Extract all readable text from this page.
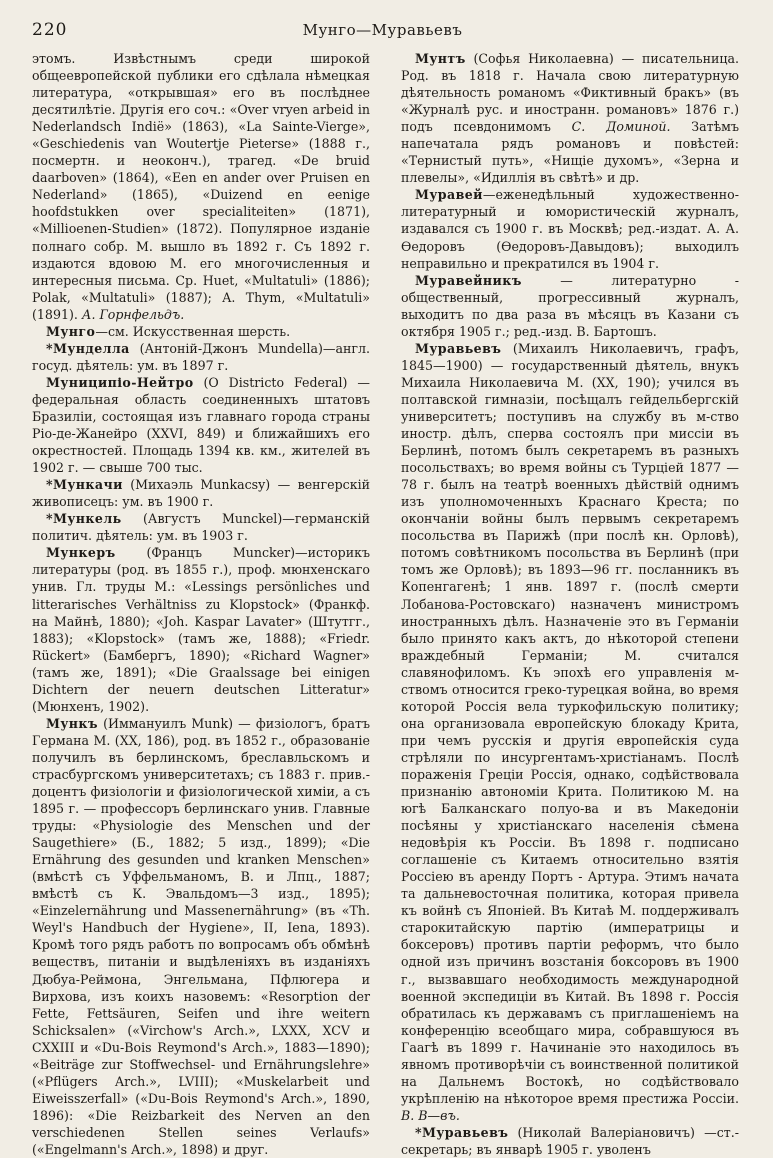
220	Мунго—Муравьевъ

этомъ. Извѣстнымъ среди широкой общеевропейской публики его сдѣлала нѣмецкая литература, «открывшая» его въ послѣднее десятилѣтіе. Другія его соч.: «Over vryen arbeid in Nederlandsch Indië» (1863), «La Sainte-Vierge», «Geschiedenis van Woutertje Pieterse» (1888 г., посмертн. и неоконч.), трагед. «De bruid daarboven» (1864), «Een en ander over Pruisen en Nederland» (1865), «Duizend en eenige hoofdstukken over specialiteiten» (1871), «Millioenen-Studien» (1872). Популярное изданіе полнаго собр. М. вышло въ 1892 г. Съ 1892 г. издаются вдовою М. его многочисленныя и интересныя письма. Ср. Huet, «Multatuli» (1886); Polak, «Multatuli» (1887); A. Thym, «Multatuli» (1891). А. Горнфельдъ.

Мунго—см. Искусственная шерсть.

*Мунделла (Антоній-Джонъ Mundella)—англ. госуд. дѣятель: ум. въ 1897 г.

Муниципіо-Нейтро (O Districto Federal) — федеральная область соединенныхъ штатовъ Бразиліи, состоящая изъ главнаго города страны Ріо-де-Жанейро (XXVI, 849) и ближайшихъ его окрестностей. Площадь 1394 кв. км., жителей въ 1902 г. — свыше 700 тыс.

*Мункачи (Михаэль Munkacsy) — венгерскій живописецъ: ум. въ 1900 г.

*Мункель (Августъ Munckel)—германскій политич. дѣятель: ум. въ 1903 г.

Мункеръ (Францъ Muncker)—историкъ литературы (род. въ 1855 г.), проф. мюнхенскаго унив. Гл. труды М.: «Lessings persönliches und litterarisches Verhältniss zu Klopstock» (Франкф. на Майнѣ, 1880); «Joh. Kaspar Lavater» (Штутгг., 1883); «Klopstock» (тамъ же, 1888); «Friedr. Rückert» (Бамбергъ, 1890); «Richard Wagner» (тамъ же, 1891); «Die Graalssage bei einigen Dichtern der neuern deutschen Litteratur» (Мюнхенъ, 1902).

Мункъ (Иммануилъ Munk) — физіологъ, братъ Германа М. (XX, 186), род. въ 1852 г., образованіе получилъ въ берлинскомъ, бреславльскомъ и страсбургскомъ университетахъ; съ 1883 г. прив.-доцентъ физіологіи и физіологической химіи, а съ 1895 г. — профессоръ берлинскаго унив. Главные труды: «Physiologie des Menschen und der Saugethiere» (Б., 1882; 5 изд., 1899); «Die Ernährung des gesunden und kranken Menschen» (вмѣстѣ съ Уффельманомъ, В. и Лпц., 1887; вмѣстѣ съ К. Эвальдомъ—3 изд., 1895); «Einzelernährung und Massenernährung» (въ «Th. Weyl's Handbuch der Hygiene», II, Iena, 1893). Кромѣ того рядъ работъ по вопросамъ объ обмѣнѣ веществъ, питаніи и выдѣленіяхъ въ изданіяхъ Дюбуа-Реймона, Энгельмана, Пфлюгера и Вирхова, изъ коихъ назовемъ: «Resorption der Fette, Fettsäuren, Seifen und ihre weitern Schicksalen» («Virchow's Arch.», LXXX, XCV и CXXIII и «Du-Bois Reymond's Arch.», 1883—1890); «Beiträge zur Stoffwechsel- und Ernährungslehre» («Pflügers Arch.», LVIII); «Muskelarbeit und Eiweisszerfall» («Du-Bois Reymond's Arch.», 1890, 1896): «Die Reizbarkeit des Nerven an den verschiedenen Stellen seines Verlaufs» («Engelmann's Arch.», 1898) и друг.

Мунтъ (Софья Николаевна) — писательница. Род. въ 1818 г. Начала свою литературную дѣятельность романомъ «Фиктивный бракъ» (въ «Журналѣ рус. и иностранн. романовъ» 1876 г.) подъ псевдонимомъ С. Доминой. Затѣмъ напечатала рядъ романовъ и повѣстей: «Тернистый путь», «Нищіе духомъ», «Зерна и плевелы», «Идиллія въ свѣтѣ» и др.

Муравей—еженедѣльный художественно-литературный и юмористическій журналъ, издавался съ 1900 г. въ Москвѣ; ред.-издат. А. А. Ѳедоровъ (Ѳедоровъ-Давыдовъ); выходилъ неправильно и прекратился въ 1904 г.

Муравейникъ — литературно - общественный, прогрессивный журналъ, выходитъ по два раза въ мѣсяцъ въ Казани съ октября 1905 г.; ред.-изд. В. Бартошъ.

Муравьевъ (Михаилъ Николаевичъ, графъ, 1845—1900) — государственный дѣятель, внукъ Михаила Николаевича М. (XX, 190); учился въ полтавской гимназіи, посѣщалъ гейдельбергскій университетъ; поступивъ на службу въ м-ство иностр. дѣлъ, сперва состоялъ при миссіи въ Берлинѣ, потомъ былъ секретаремъ въ разныхъ посольствахъ; во время войны съ Турціей 1877 — 78 г. былъ на театрѣ военныхъ дѣйствій однимъ изъ уполномоченныхъ Краснаго Креста; по окончаніи войны былъ первымъ секретаремъ посольства въ Парижѣ (при послѣ кн. Орловѣ), потомъ совѣтникомъ посольства въ Берлинѣ (при томъ же Орловѣ); въ 1893—96 гг. посланникъ въ Копенгагенѣ; 1 янв. 1897 г. (послѣ смерти Лобанова-Ростовскаго) назначенъ министромъ иностранныхъ дѣлъ. Назначеніе это въ Германіи было принято какъ актъ, до нѣкоторой степени враждебный Германіи; М. считался славянофиломъ. Къ эпохѣ его управленія м-ствомъ относится греко-турецкая война, во время которой Россія вела туркофильскую политику; она организовала европейскую блокаду Крита, при чемъ русскія и другія европейскія суда стрѣляли по инсургентамъ-христіанамъ. Послѣ пораженія Греціи Россія, однако, содѣйствовала признанію автономіи Крита. Политикою М. на югѣ Балканскаго полуо-ва и въ Македоніи посѣяны у христіанскаго населенія сѣмена недовѣрія къ Россіи. Въ 1898 г. подписано соглашеніе съ Китаемъ относительно взятія Россіею въ аренду Портъ - Артура. Этимъ начата та дальневосточная политика, которая привела къ войнѣ съ Японіей. Въ Китаѣ М. поддерживалъ старокитайскую партію (императрицы и боксеровъ) противъ партіи реформъ, что было одной изъ причинъ возстанія боксоровъ въ 1900 г., вызвавшаго необходимость международной военной экспедиціи въ Китай. Въ 1898 г. Россія обратилась къ державамъ съ приглашеніемъ на конференцію всеобщаго мира, собравшуюся въ Гаагѣ въ 1899 г. Начинаніе это находилось въ явномъ противорѣчіи съ воинственной политикой на Дальнемъ Востокѣ, но содѣйствовало укрѣпленію на нѣкоторое время престижа Россіи. В. В—въ.

*Муравьевъ (Николай Валеріановичъ) —ст.-секретарь; въ январѣ 1905 г. уволенъ
